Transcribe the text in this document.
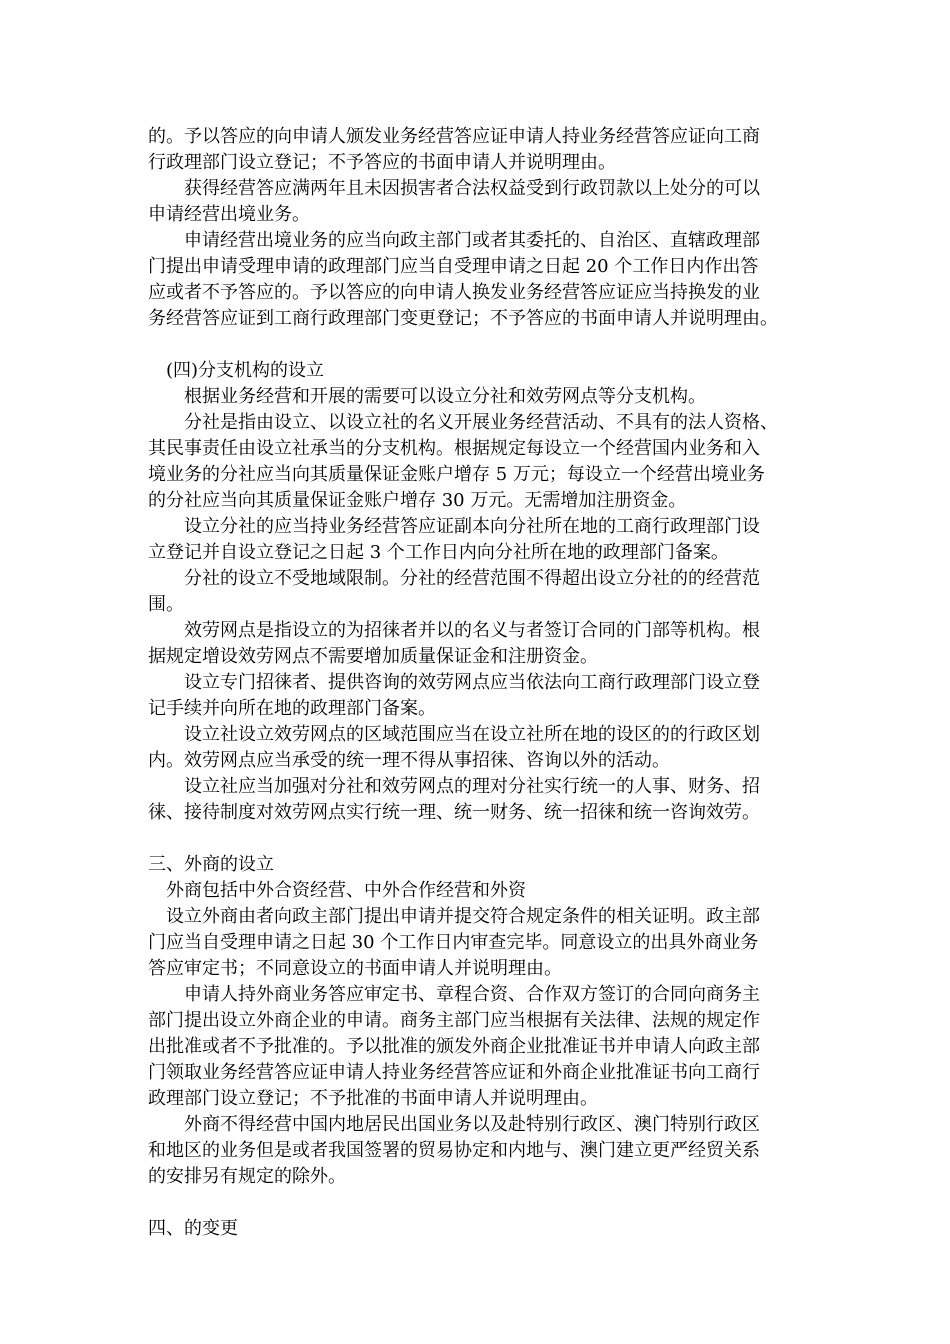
的。予以答应的向申请人颁发业务经营答应证申请人持业务经营答应证向工商
行政理部门设立登记；不予答应的书面申请人并说明理由。
获得经营答应满两年且未因损害者合法权益受到行政罚款以上处分的可以
申请经营出境业务。
申请经营出境业务的应当向政主部门或者其委托的、自治区、直辖政理部
门提出申请受理申请的政理部门应当自受理申请之日起 20 个工作日内作出答
应或者不予答应的。予以答应的向申请人换发业务经营答应证应当持换发的业
务经营答应证到工商行政理部门变更登记；不予答应的书面申请人并说明理由。
(四)分支机构的设立
根据业务经营和开展的需要可以设立分社和效劳网点等分支机构。
分社是指由设立、以设立社的名义开展业务经营活动、不具有的法人资格、
其民事责任由设立社承当的分支机构。根据规定每设立一个经营国内业务和入
境业务的分社应当向其质量保证金账户增存 5 万元；每设立一个经营出境业务
的分社应当向其质量保证金账户增存 30 万元。无需增加注册资金。
设立分社的应当持业务经营答应证副本向分社所在地的工商行政理部门设
立登记并自设立登记之日起 3 个工作日内向分社所在地的政理部门备案。
分社的设立不受地域限制。分社的经营范围不得超出设立分社的的经营范
围。
效劳网点是指设立的为招徕者并以的名义与者签订合同的门部等机构。根
据规定增设效劳网点不需要增加质量保证金和注册资金。
设立专门招徕者、提供咨询的效劳网点应当依法向工商行政理部门设立登
记手续并向所在地的政理部门备案。
设立社设立效劳网点的区域范围应当在设立社所在地的设区的的行政区划
内。效劳网点应当承受的统一理不得从事招徕、咨询以外的活动。
设立社应当加强对分社和效劳网点的理对分社实行统一的人事、财务、招
徕、接待制度对效劳网点实行统一理、统一财务、统一招徕和统一咨询效劳。
三、外商的设立
外商包括中外合资经营、中外合作经营和外资
设立外商由者向政主部门提出申请并提交符合规定条件的相关证明。政主部
门应当自受理申请之日起 30 个工作日内审查完毕。同意设立的出具外商业务
答应审定书；不同意设立的书面申请人并说明理由。
申请人持外商业务答应审定书、章程合资、合作双方签订的合同向商务主
部门提出设立外商企业的申请。商务主部门应当根据有关法律、法规的规定作
出批准或者不予批准的。予以批准的颁发外商企业批准证书并申请人向政主部
门领取业务经营答应证申请人持业务经营答应证和外商企业批准证书向工商行
政理部门设立登记；不予批准的书面申请人并说明理由。
外商不得经营中国内地居民出国业务以及赴特别行政区、澳门特别行政区
和地区的业务但是或者我国签署的贸易协定和内地与、澳门建立更严经贸关系
的安排另有规定的除外。
四、的变更
